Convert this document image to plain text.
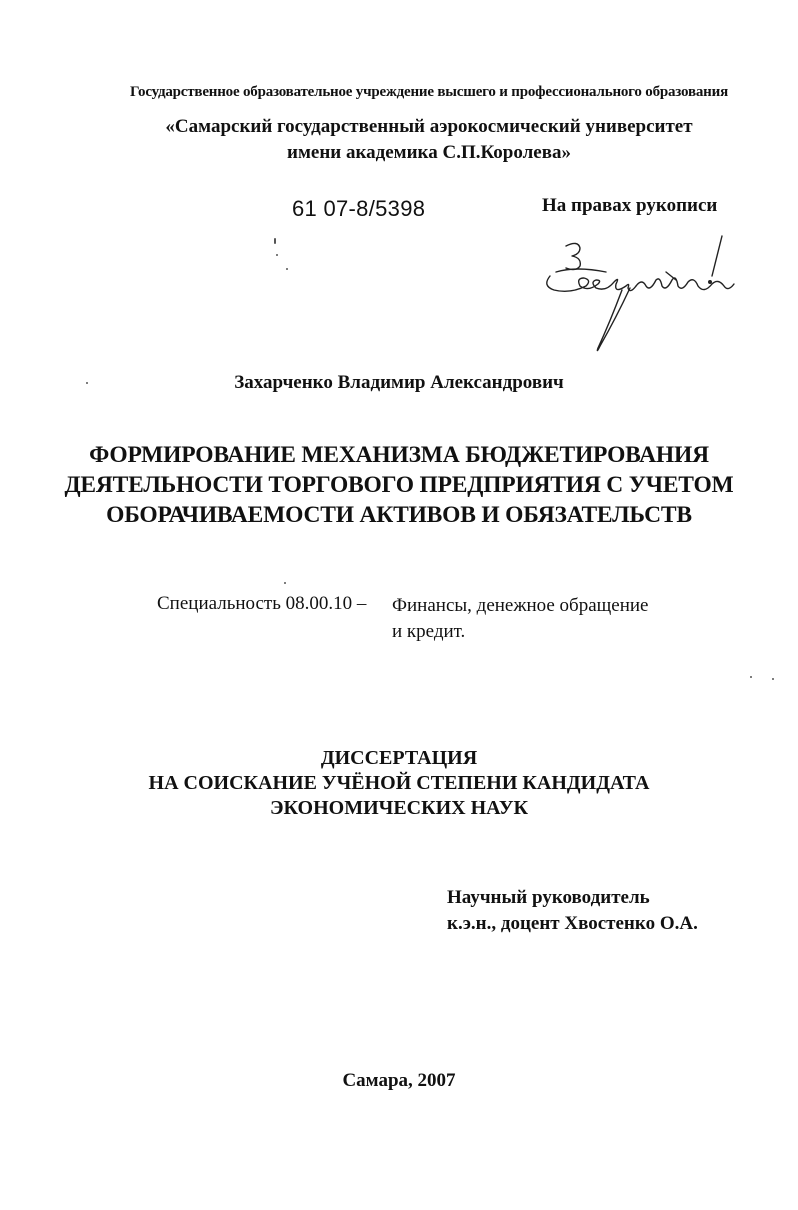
Государственное образовательное учреждение высшего и профессионального образования
«Самарский государственный аэрокосмический университет
имени академика С.П.Королева»
61 07-8/5398	На правах рукописи
Захарченко Владимир Александрович
ФОРМИРОВАНИЕ МЕХАНИЗМА БЮДЖЕТИРОВАНИЯ
ДЕЯТЕЛЬНОСТИ ТОРГОВОГО ПРЕДПРИЯТИЯ С УЧЕТОМ
ОБОРАЧИВАЕМОСТИ АКТИВОВ И ОБЯЗАТЕЛЬСТВ
Специальность 08.00.10 – Финансы, денежное обращение
и кредит.
ДИССЕРТАЦИЯ
НА СОИСКАНИЕ УЧЁНОЙ СТЕПЕНИ КАНДИДАТА
ЭКОНОМИЧЕСКИХ НАУК
Научный руководитель
к.э.н., доцент Хвостенко О.А.
Самара, 2007
